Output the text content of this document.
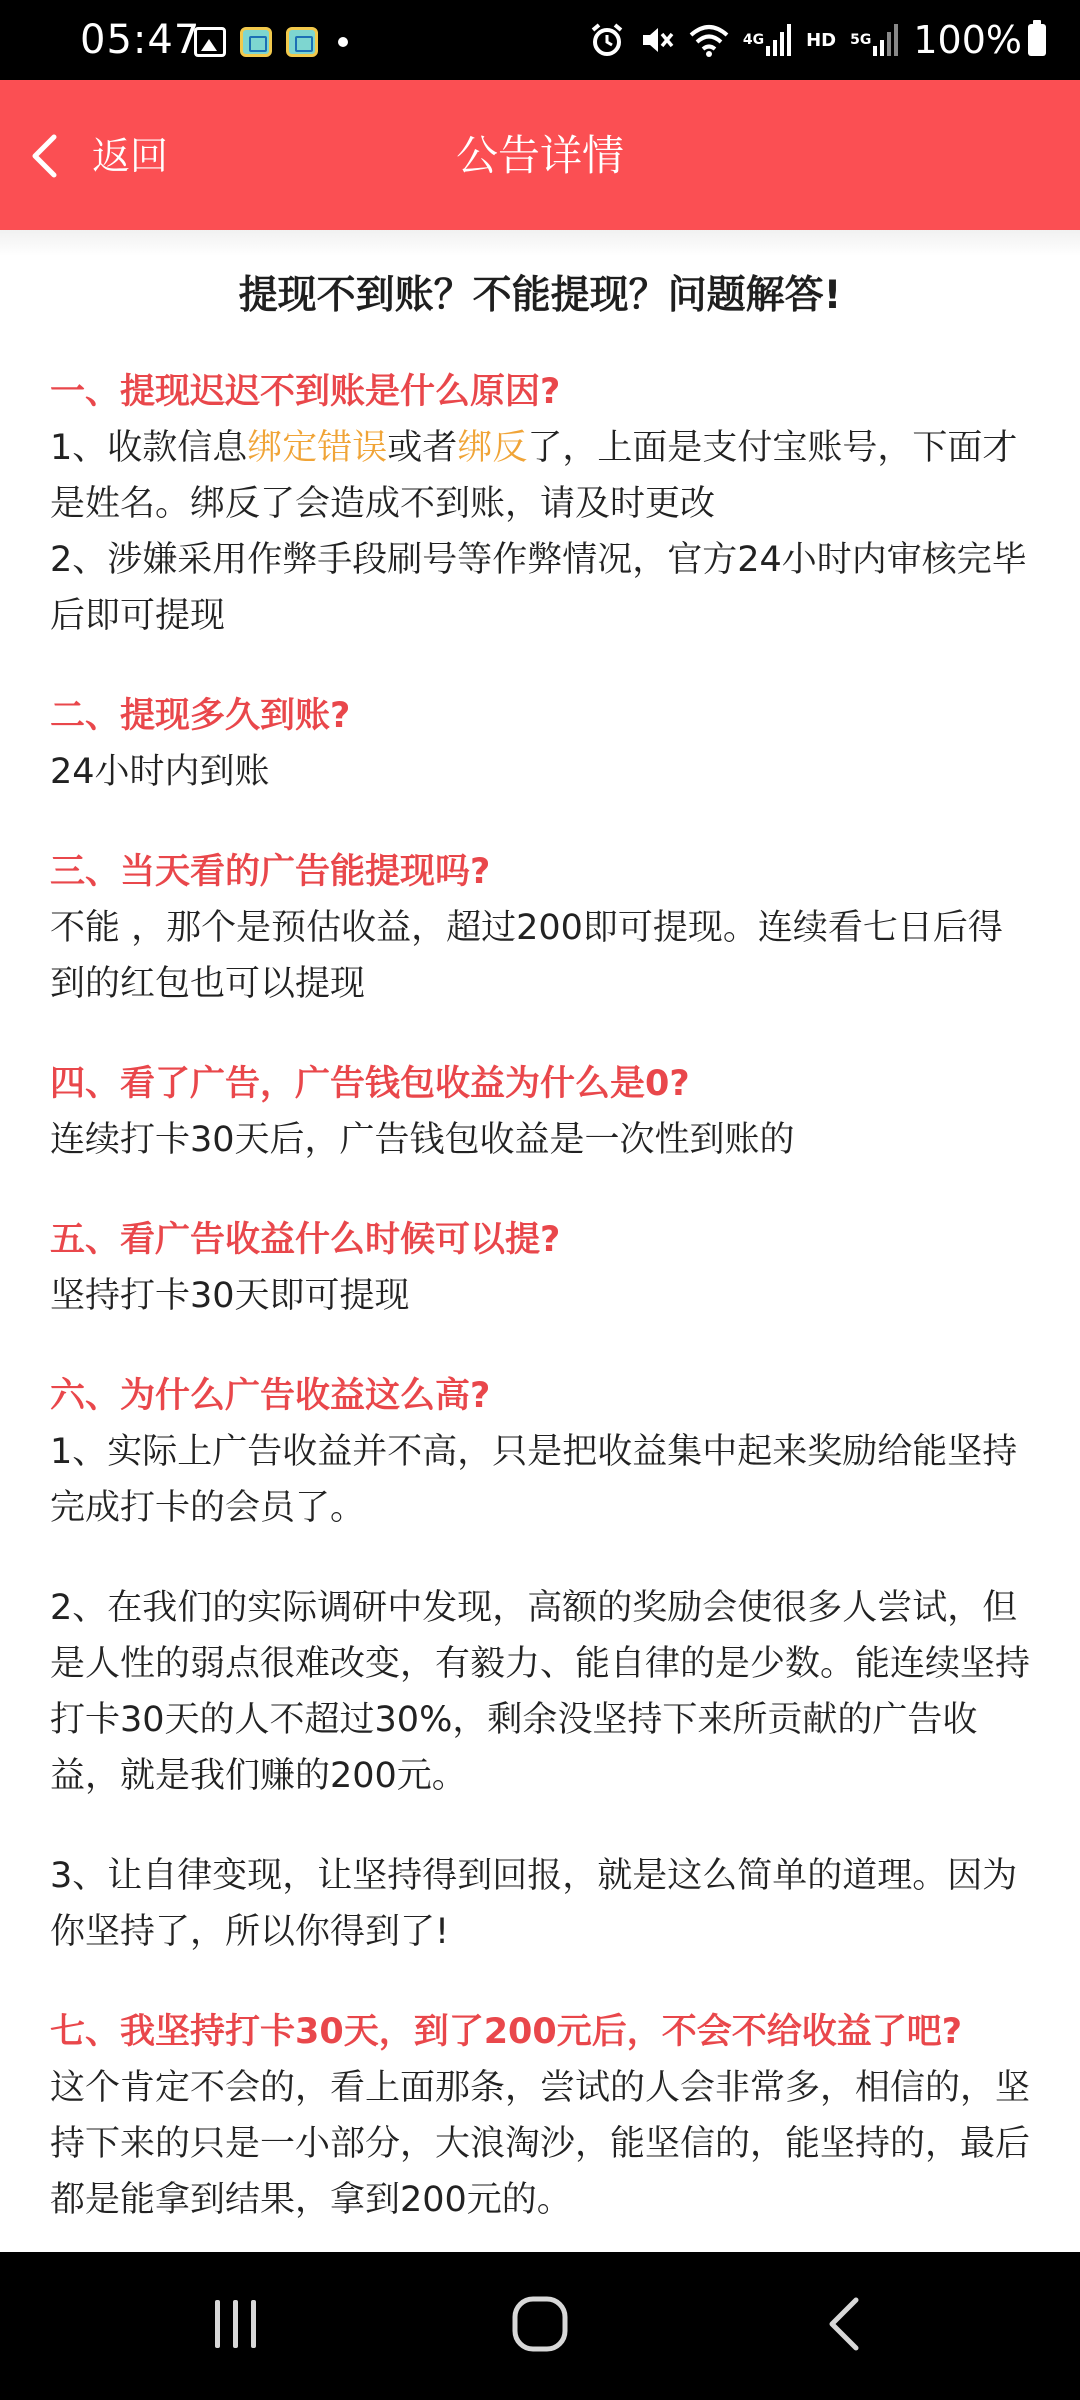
05:47	4G HD 5G 100%
返回	公告详情
提现不到账？不能提现？问题解答!

一、提现迟迟不到账是什么原因?

1、收款信息绑定错误或者绑反了，上面是支付宝账号，下面才是姓名。绑反了会造成不到账，请及时更改

2、涉嫌采用作弊手段刷号等作弊情况，官方24小时内审核完毕后即可提现

二、提现多久到账?

24小时内到账

三、当天看的广告能提现吗?

不能 ，那个是预估收益，超过200即可提现。连续看七日后得到的红包也可以提现

四、看了广告，广告钱包收益为什么是0?

连续打卡30天后，广告钱包收益是一次性到账的

五、看广告收益什么时候可以提?

坚持打卡30天即可提现

六、为什么广告收益这么高?

1、实际上广告收益并不高，只是把收益集中起来奖励给能坚持完成打卡的会员了。

2、在我们的实际调研中发现，高额的奖励会使很多人尝试，但是人性的弱点很难改变，有毅力、能自律的是少数。能连续坚持打卡30天的人不超过30%，剩余没坚持下来所贡献的广告收益，就是我们赚的200元。

3、让自律变现，让坚持得到回报，就是这么简单的道理。因为你坚持了，所以你得到了!

七、我坚持打卡30天，到了200元后，不会不给收益了吧?

这个肯定不会的，看上面那条，尝试的人会非常多，相信的，坚持下来的只是一小部分，大浪淘沙，能坚信的，能坚持的，最后都是能拿到结果，拿到200元的。
